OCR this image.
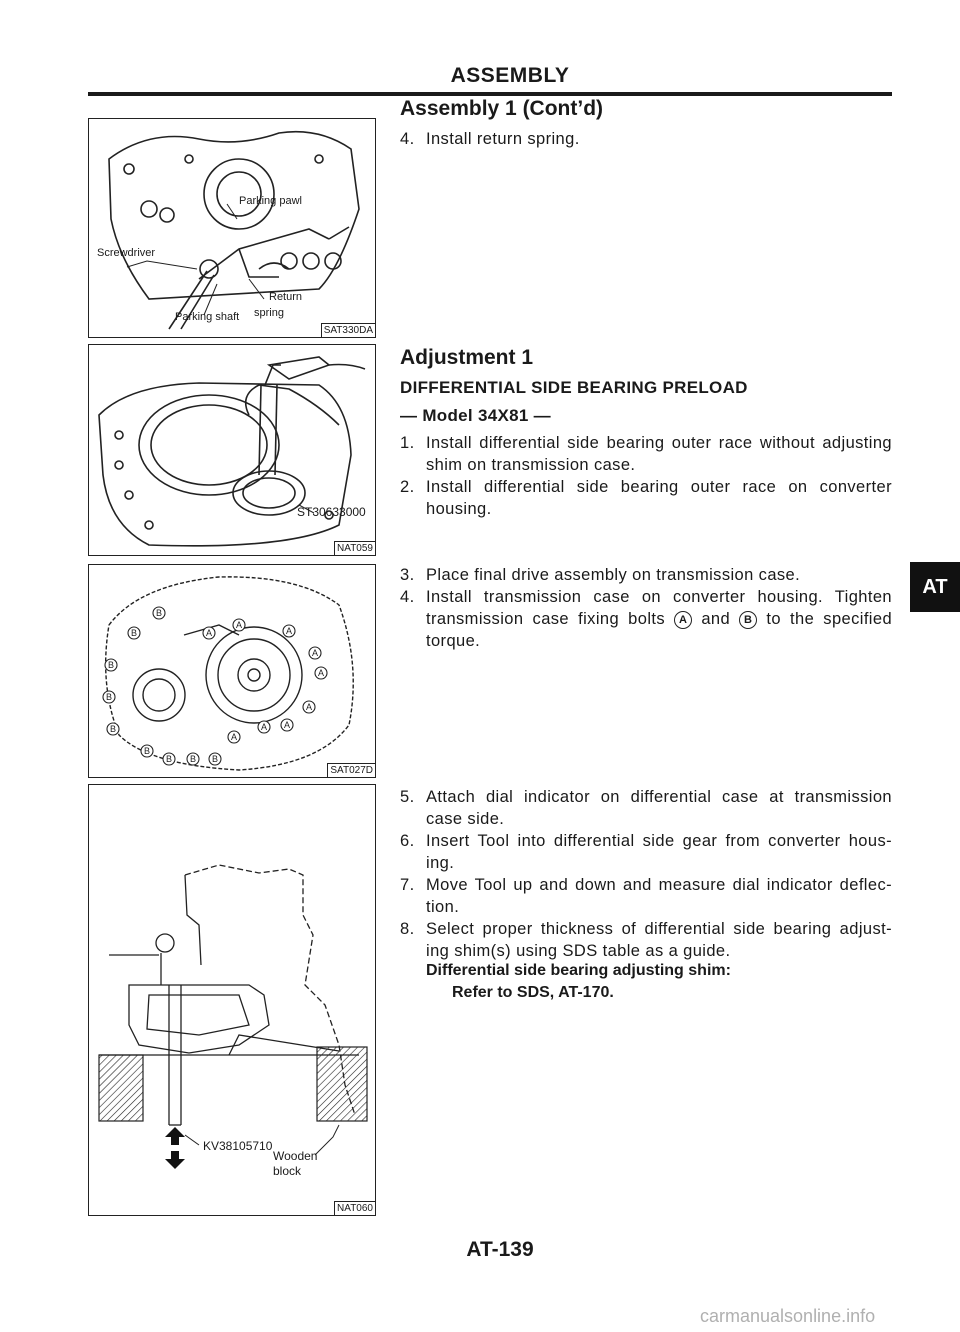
ASSEMBLY
Assembly 1 (Cont’d)
4. Install return spring.
Parking pawl
Screwdriver
Return
spring
Parking shaft
SAT330DA
ST30633000
NAT059
A
A
A
A
A
A
A
A
A
B
B
B
B
B
B
B B B
SAT027D
KV38105710
Wooden
block
NAT060
Adjustment 1
DIFFERENTIAL SIDE BEARING PRELOAD
— Model 34X81 —
1. Install differential side bearing outer race without adjusting shim on transmission case.
2. Install differential side bearing outer race on converter housing.
3. Place final drive assembly on transmission case.
4. Install transmission case on converter housing. Tighten transmission case fixing bolts A and B to the specified torque.
5. Attach dial indicator on differential case at transmission case side.
6. Insert Tool into differential side gear from converter hous-ing.
7. Move Tool up and down and measure dial indicator deflec-tion.
8. Select proper thickness of differential side bearing adjust-ing shim(s) using SDS table as a guide.
Differential side bearing adjusting shim:
Refer to SDS, AT-170.
AT
AT-139
carmanualsonline.info
